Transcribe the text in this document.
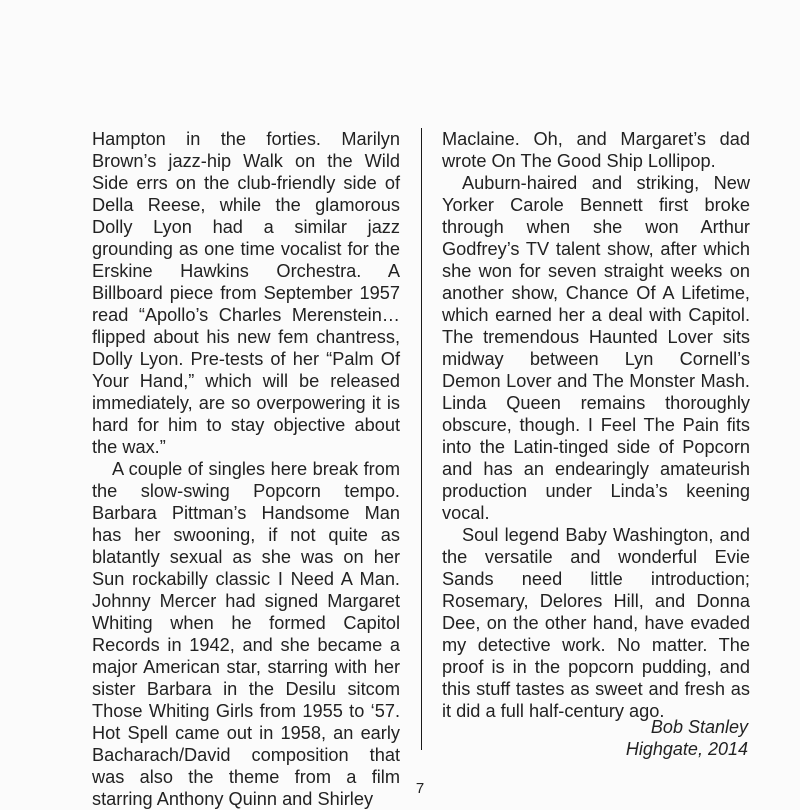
Hampton in the forties. Marilyn Brown’s jazz-hip Walk on the Wild Side errs on the club-friendly side of Della Reese, while the glamorous Dolly Lyon had a similar jazz grounding as one time vocalist for the Erskine Hawkins Orchestra. A Billboard piece from September 1957 read “Apollo’s Charles Merenstein… flipped about his new fem chantress, Dolly Lyon. Pre-tests of her “Palm Of Your Hand,” which will be released immediately, are so overpowering it is hard for him to stay objective about the wax.”

A couple of singles here break from the slow-swing Popcorn tempo. Barbara Pittman’s Handsome Man has her swooning, if not quite as blatantly sexual as she was on her Sun rockabilly classic I Need A Man. Johnny Mercer had signed Margaret Whiting when he formed Capitol Records in 1942, and she became a major American star, starring with her sister Barbara in the Desilu sitcom Those Whiting Girls from 1955 to ‘57. Hot Spell came out in 1958, an early Bacharach/David composition that was also the theme from a film starring Anthony Quinn and Shirley

Maclaine. Oh, and Margaret’s dad wrote On The Good Ship Lollipop.

Auburn-haired and striking, New Yorker Carole Bennett first broke through when she won Arthur Godfrey’s TV talent show, after which she won for seven straight weeks on another show, Chance Of A Lifetime, which earned her a deal with Capitol. The tremendous Haunted Lover sits midway between Lyn Cornell’s Demon Lover and The Monster Mash. Linda Queen remains thoroughly obscure, though. I Feel The Pain fits into the Latin-tinged side of Popcorn and has an endearingly amateurish production under Linda’s keening vocal.

Soul legend Baby Washington, and the versatile and wonderful Evie Sands need little introduction; Rosemary, Delores Hill, and Donna Dee, on the other hand, have evaded my detective work. No matter. The proof is in the popcorn pudding, and this stuff tastes as sweet and fresh as it did a full half-century ago.

Bob Stanley
Highgate, 2014
7
